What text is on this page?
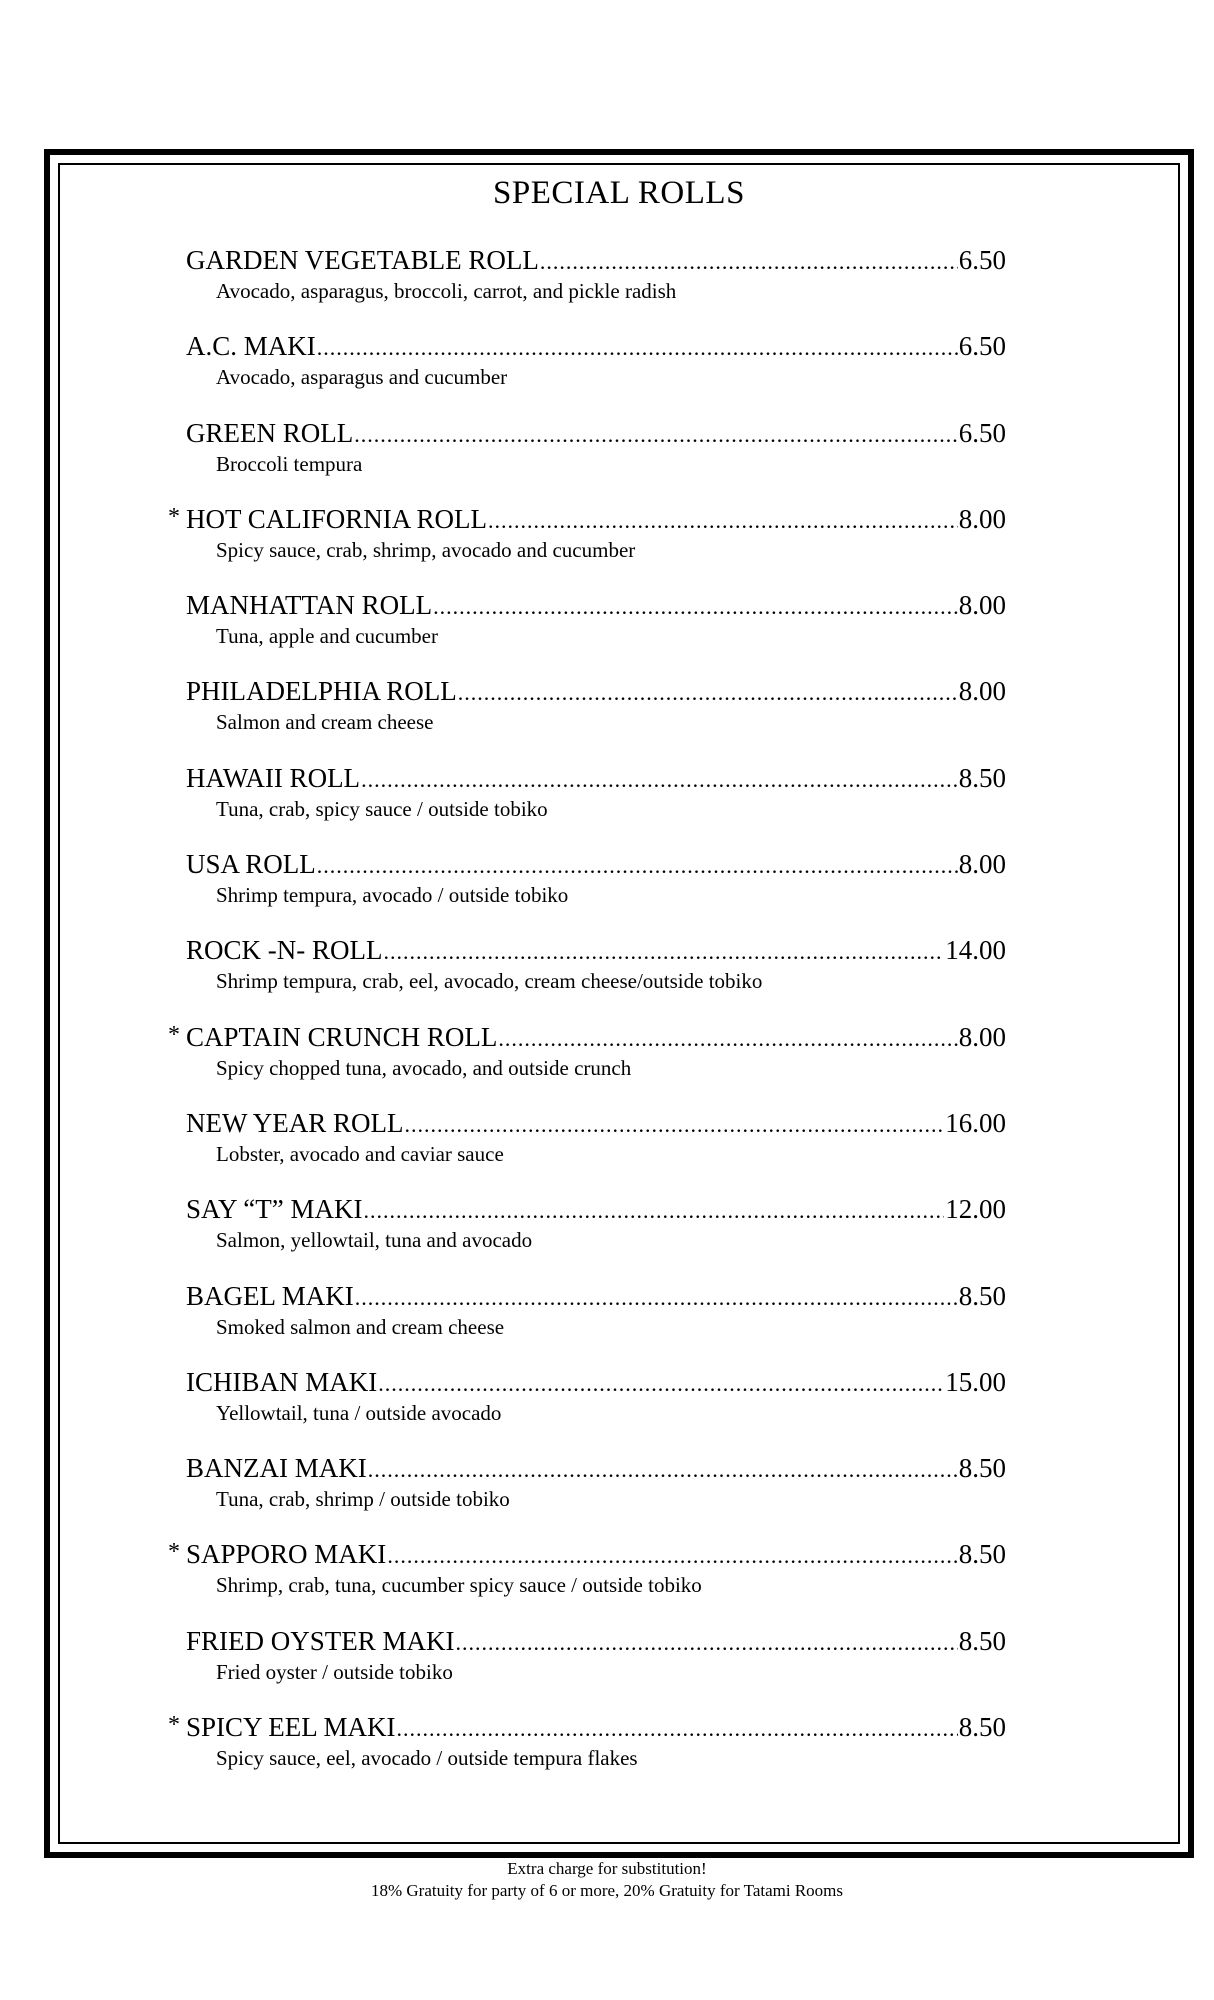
SPECIAL ROLLS
GARDEN VEGETABLE ROLL .....	6.50
Avocado, asparagus, broccoli, carrot, and pickle radish
A.C. MAKI .....	6.50
Avocado, asparagus and cucumber
GREEN ROLL .....	6.50
Broccoli tempura
* HOT CALIFORNIA ROLL .....	8.00
Spicy sauce, crab, shrimp, avocado and cucumber
MANHATTAN ROLL .....	8.00
Tuna, apple and cucumber
PHILADELPHIA ROLL .....	8.00
Salmon and cream cheese
HAWAII ROLL .....	8.50
Tuna, crab, spicy sauce / outside tobiko
USA ROLL .....	8.00
Shrimp tempura, avocado / outside tobiko
ROCK -N- ROLL .....	14.00
Shrimp tempura, crab, eel, avocado, cream cheese/outside tobiko
* CAPTAIN CRUNCH ROLL .....	8.00
Spicy chopped tuna, avocado, and outside crunch
NEW YEAR ROLL .....	16.00
Lobster, avocado and caviar sauce
SAY “T” MAKI .....	12.00
Salmon, yellowtail, tuna and avocado
BAGEL MAKI .....	8.50
Smoked salmon and cream cheese
ICHIBAN MAKI .....	15.00
Yellowtail, tuna / outside avocado
BANZAI MAKI .....	8.50
Tuna, crab, shrimp / outside tobiko
* SAPPORO MAKI .....	8.50
Shrimp, crab, tuna, cucumber spicy sauce / outside tobiko
FRIED OYSTER MAKI .....	8.50
Fried oyster / outside tobiko
* SPICY EEL MAKI .....	8.50
Spicy sauce, eel, avocado / outside tempura flakes
Extra charge for substitution!
18% Gratuity for party of 6 or more, 20% Gratuity for Tatami Rooms
